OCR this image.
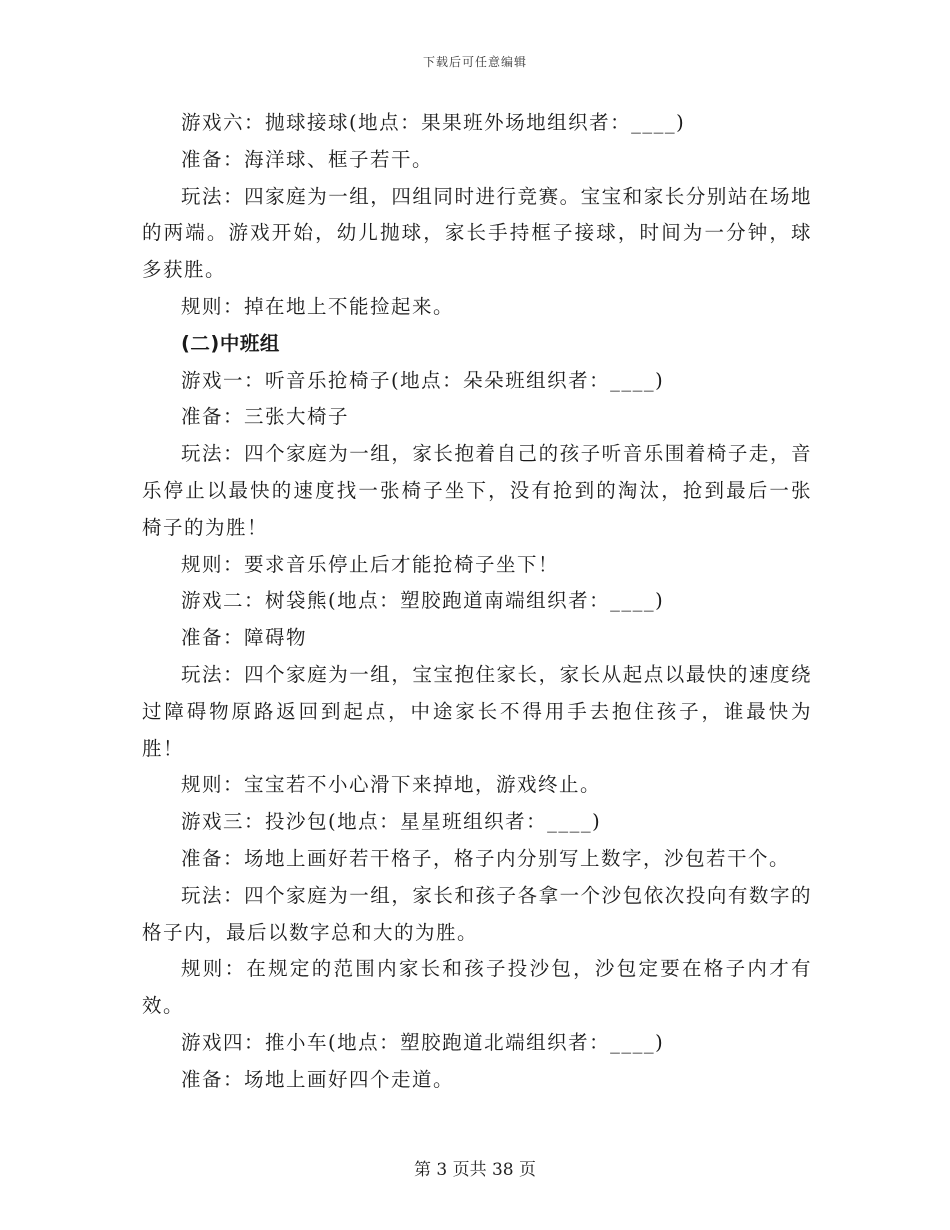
下载后可任意编辑

游戏六：抛球接球(地点：果果班外场地组织者：____)

准备：海洋球、框子若干。

玩法：四家庭为一组，四组同时进行竞赛。宝宝和家长分别站在场地的两端。游戏开始，幼儿抛球，家长手持框子接球，时间为一分钟，球多获胜。

规则：掉在地上不能捡起来。

(二)中班组

游戏一：听音乐抢椅子(地点：朵朵班组织者：____)

准备：三张大椅子

玩法：四个家庭为一组，家长抱着自己的孩子听音乐围着椅子走，音乐停止以最快的速度找一张椅子坐下，没有抢到的淘汰，抢到最后一张椅子的为胜！

规则：要求音乐停止后才能抢椅子坐下！

游戏二：树袋熊(地点：塑胶跑道南端组织者：____)

准备：障碍物

玩法：四个家庭为一组，宝宝抱住家长，家长从起点以最快的速度绕过障碍物原路返回到起点，中途家长不得用手去抱住孩子，谁最快为胜！

规则：宝宝若不小心滑下来掉地，游戏终止。

游戏三：投沙包(地点：星星班组织者：____)

准备：场地上画好若干格子，格子内分别写上数字，沙包若干个。

玩法：四个家庭为一组，家长和孩子各拿一个沙包依次投向有数字的格子内，最后以数字总和大的为胜。

规则：在规定的范围内家长和孩子投沙包，沙包定要在格子内才有效。

游戏四：推小车(地点：塑胶跑道北端组织者：____)

准备：场地上画好四个走道。

第 3 页共 38 页
